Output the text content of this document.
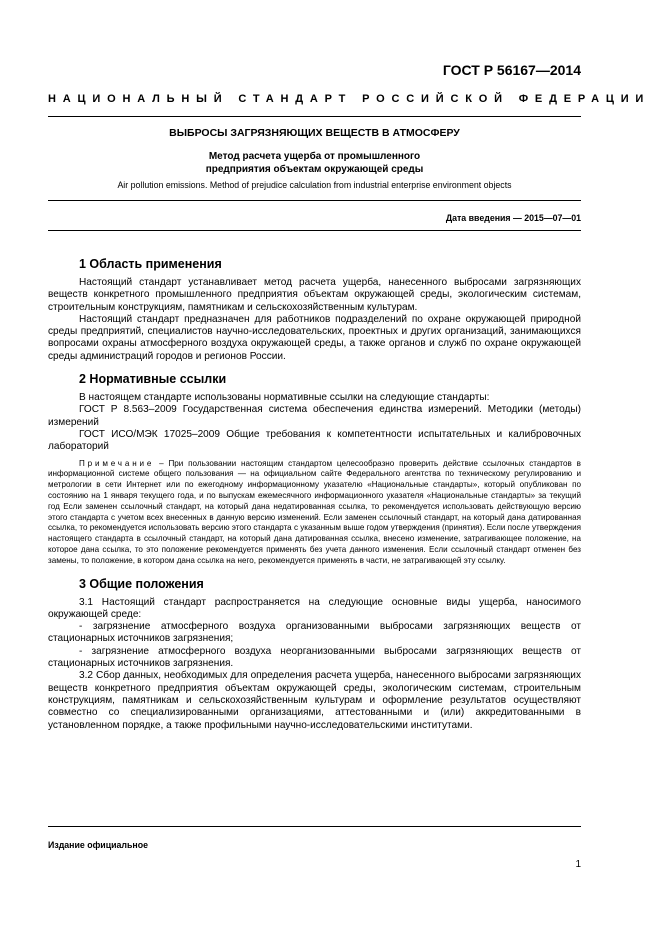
ГОСТ Р 56167—2014
НАЦИОНАЛЬНЫЙ СТАНДАРТ РОССИЙСКОЙ ФЕДЕРАЦИИ
ВЫБРОСЫ ЗАГРЯЗНЯЮЩИХ ВЕЩЕСТВ В АТМОСФЕРУ
Метод расчета ущерба от промышленного
предприятия объектам окружающей среды
Air pollution emissions. Method of prejudice calculation from industrial enterprise environment objects
Дата введения — 2015—07—01
1 Область применения

Настоящий стандарт устанавливает метод расчета ущерба, нанесенного выбросами загрязняющих веществ конкретного промышленного предприятия объектам окружающей среды, экологическим системам, строительным конструкциям, памятникам и сельскохозяйственным культурам.

Настоящий стандарт предназначен для работников подразделений по охране окружающей природной среды предприятий, специалистов научно-исследовательских, проектных и других организаций, занимающихся вопросами охраны атмосферного воздуха окружающей среды, а также органов и служб по охране окружающей среды администраций городов и регионов России.

2 Нормативные ссылки

В настоящем стандарте использованы нормативные ссылки на следующие стандарты:

ГОСТ Р 8.563–2009 Государственная система обеспечения единства измерений. Методики (методы) измерений

ГОСТ ИСО/МЭК 17025–2009 Общие требования к компетентности испытательных и калибровочных лабораторий

Примечание – При пользовании настоящим стандартом целесообразно проверить действие ссылочных стандартов в информационной системе общего пользования — на официальном сайте Федерального агентства по техническому регулированию и метрологии в сети Интернет или по ежегодному информационному указателю «Национальные стандарты», который опубликован по состоянию на 1 января текущего года, и по выпускам ежемесячного информационного указателя «Национальные стандарты» за текущий год Если заменен ссылочный стандарт, на который дана недатированная ссылка, то рекомендуется использовать действующую версию этого стандарта с учетом всех внесенных в данную версию изменений. Если заменен ссылочный стандарт, на который дана датированная ссылка, то рекомендуется использовать версию этого стандарта с указанным выше годом утверждения (принятия). Если после утверждения настоящего стандарта в ссылочный стандарт, на который дана датированная ссылка, внесено изменение, затрагивающее положение, на которое дана ссылка, то это положение рекомендуется применять без учета данного изменения. Если ссылочный стандарт отменен без замены, то положение, в котором дана ссылка на него, рекомендуется применять в части, не затрагивающей эту ссылку.
3 Общие положения

3.1 Настоящий стандарт распространяется на следующие основные виды ущерба, наносимого окружающей среде:

- загрязнение атмосферного воздуха организованными выбросами загрязняющих веществ от стационарных источников загрязнения;

- загрязнение атмосферного воздуха неорганизованными выбросами загрязняющих веществ от стационарных источников загрязнения.

3.2 Сбор данных, необходимых для определения расчета ущерба, нанесенного выбросами загрязняющих веществ конкретного предприятия объектам окружающей среды, экологическим системам, строительным конструкциям, памятникам и сельскохозяйственным культурам и оформление результатов осуществляют совместно со специализированными организациями, аттестованными и (или) аккредитованными в установленном порядке, а также профильными научно-исследовательскими институтами.

Издание официальное
1
